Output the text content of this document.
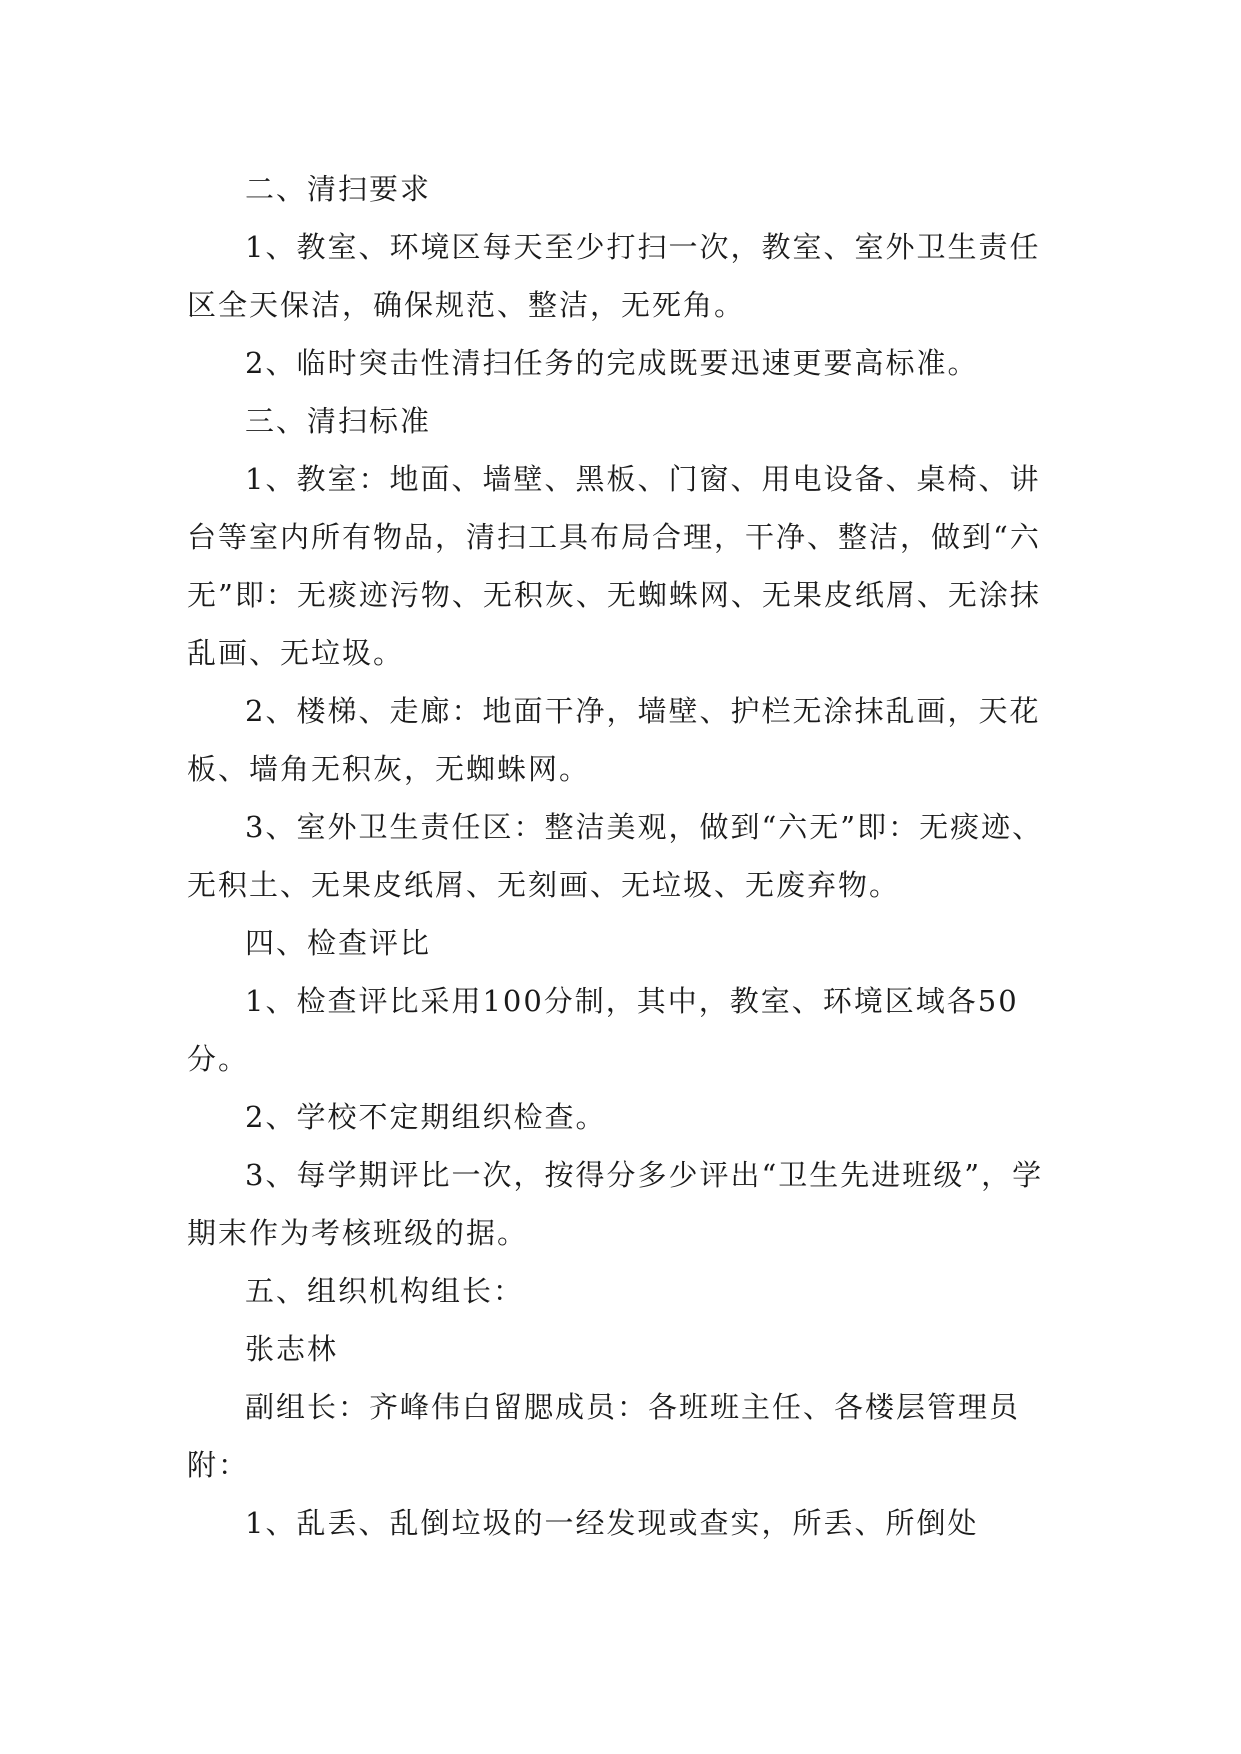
二、清扫要求

1、教室、环境区每天至少打扫一次，教室、室外卫生责任区全天保洁，确保规范、整洁，无死角。

2、临时突击性清扫任务的完成既要迅速更要高标准。

三、清扫标准

1、教室：地面、墙壁、黑板、门窗、用电设备、桌椅、讲台等室内所有物品，清扫工具布局合理，干净、整洁，做到“六无”即：无痰迹污物、无积灰、无蜘蛛网、无果皮纸屑、无涂抹乱画、无垃圾。

2、楼梯、走廊：地面干净，墙壁、护栏无涂抹乱画，天花板、墙角无积灰，无蜘蛛网。

3、室外卫生责任区：整洁美观，做到“六无”即：无痰迹、无积土、无果皮纸屑、无刻画、无垃圾、无废弃物。

四、检查评比

1、检查评比采用100分制，其中，教室、环境区域各50分。

2、学校不定期组织检查。

3、每学期评比一次，按得分多少评出“卫生先进班级”，学期末作为考核班级的据。

五、组织机构组长：

张志林

副组长：齐峰伟白留腮成员：各班班主任、各楼层管理员附：

1、乱丢、乱倒垃圾的一经发现或查实，所丢、所倒处
